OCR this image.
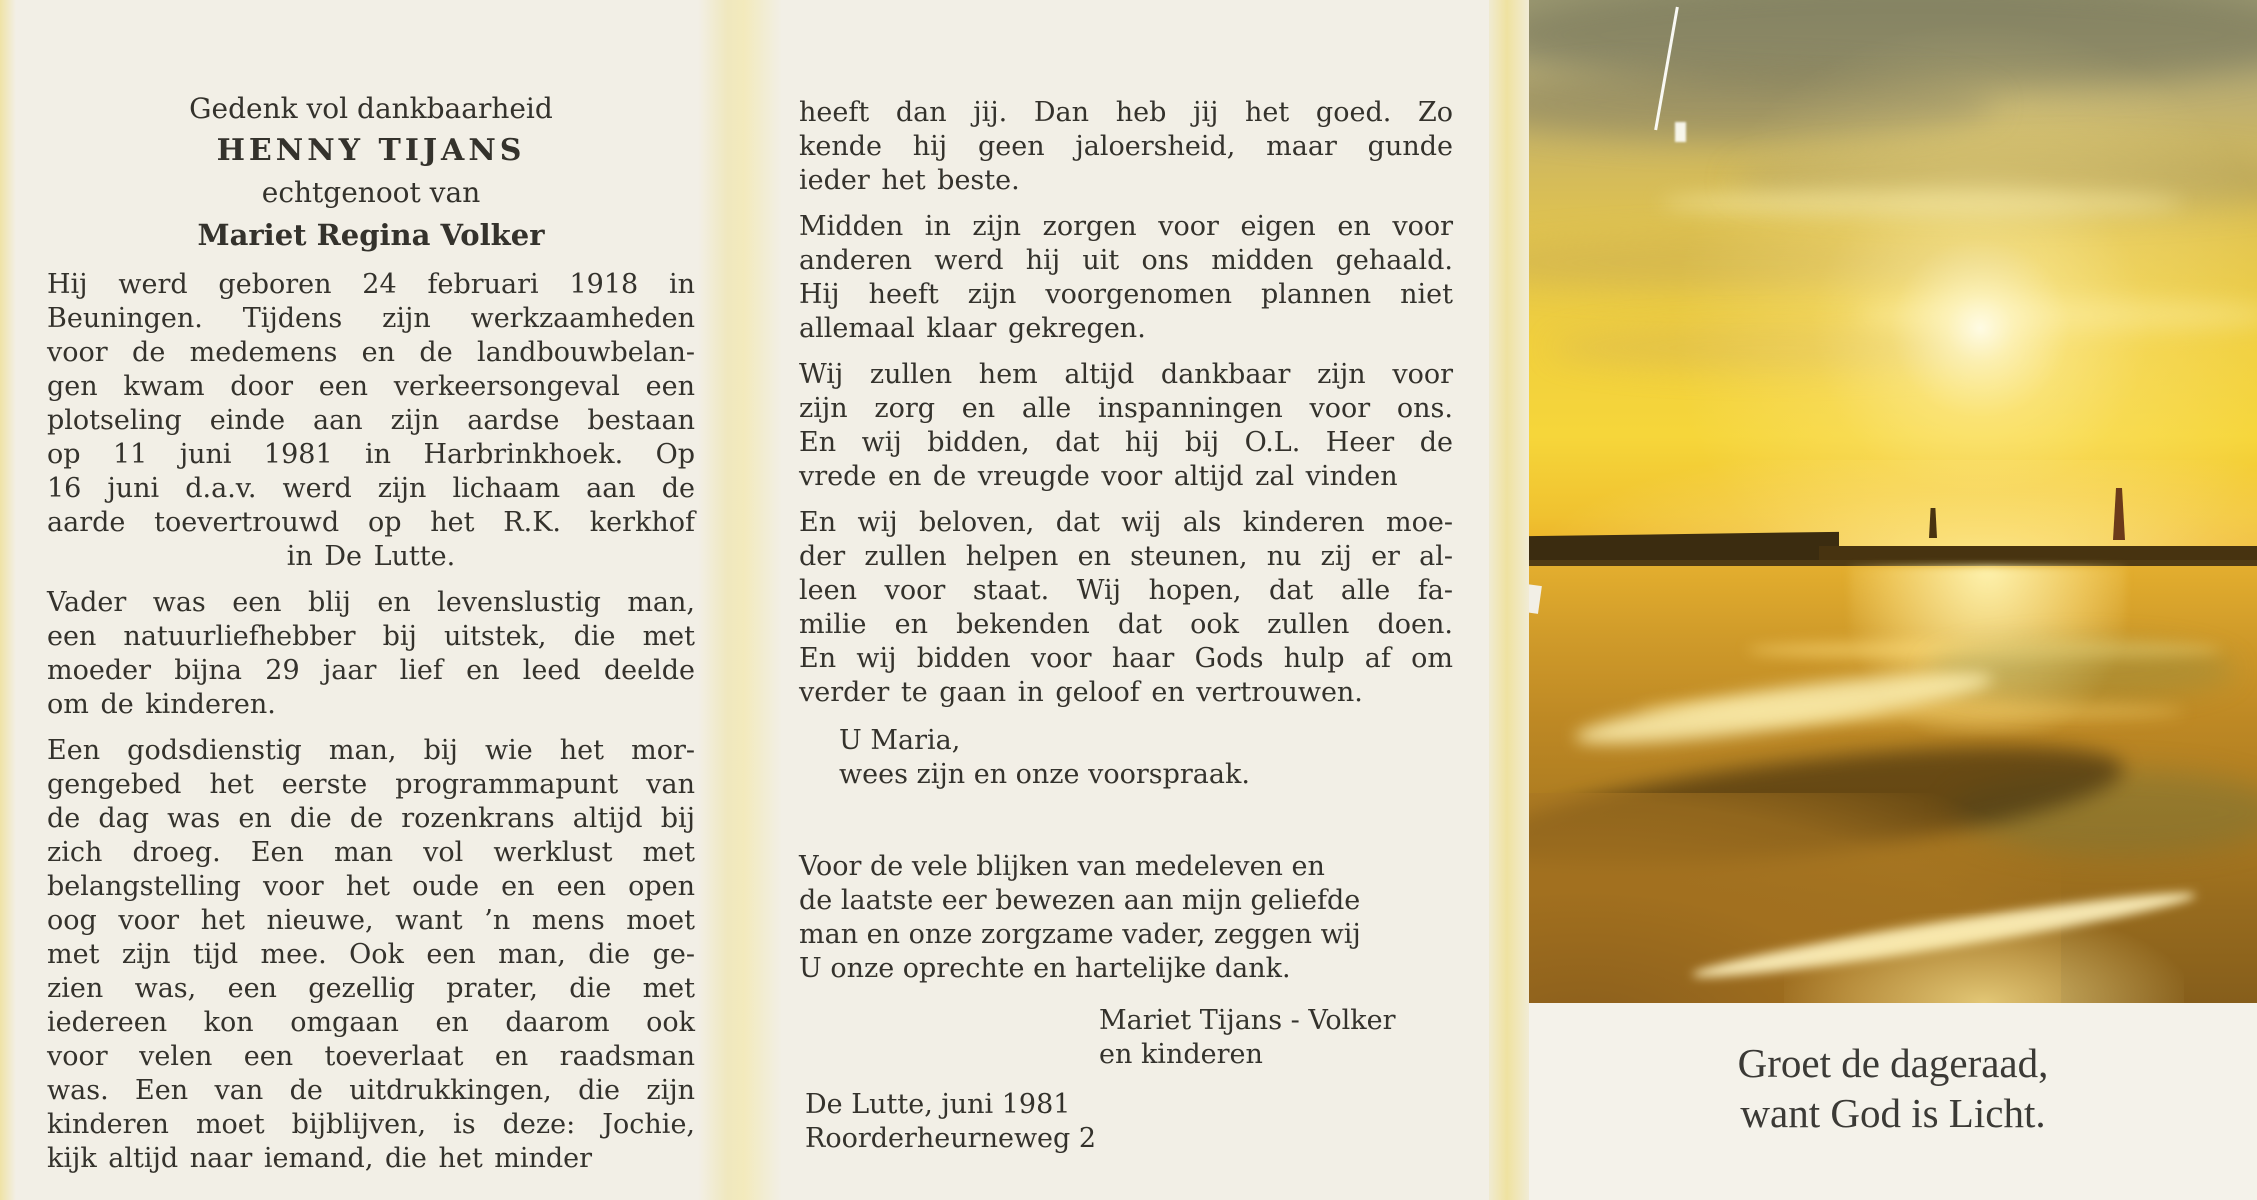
Gedenk vol dankbaarheid
HENNY TIJANS
echtgenoot van
Mariet Regina Volker
Hij werd geboren 24 februari 1918 in
Beuningen. Tijdens zijn werkzaamheden
voor de medemens en de landbouwbelan-
gen kwam door een verkeersongeval een
plotseling einde aan zijn aardse bestaan
op 11 juni 1981 in Harbrinkhoek. Op
16 juni d.a.v. werd zijn lichaam aan de
aarde toevertrouwd op het R.K. kerkhof
in De Lutte.
Vader was een blij en levenslustig man,
een natuurliefhebber bij uitstek, die met
moeder bijna 29 jaar lief en leed deelde
om de kinderen.
Een godsdienstig man, bij wie het mor-
gengebed het eerste programmapunt van
de dag was en die de rozenkrans altijd bij
zich droeg. Een man vol werklust met
belangstelling voor het oude en een open
oog voor het nieuwe, want ’n mens moet
met zijn tijd mee. Ook een man, die ge-
zien was, een gezellig prater, die met
iedereen kon omgaan en daarom ook
voor velen een toeverlaat en raadsman
was. Een van de uitdrukkingen, die zijn
kinderen moet bijblijven, is deze: Jochie,
kijk altijd naar iemand, die het minder
heeft dan jij. Dan heb jij het goed. Zo
kende hij geen jaloersheid, maar gunde
ieder het beste.
Midden in zijn zorgen voor eigen en voor
anderen werd hij uit ons midden gehaald.
Hij heeft zijn voorgenomen plannen niet
allemaal klaar gekregen.
Wij zullen hem altijd dankbaar zijn voor
zijn zorg en alle inspanningen voor ons.
En wij bidden, dat hij bij O.L. Heer de
vrede en de vreugde voor altijd zal vinden
En wij beloven, dat wij als kinderen moe-
der zullen helpen en steunen, nu zij er al-
leen voor staat. Wij hopen, dat alle fa-
milie en bekenden dat ook zullen doen.
En wij bidden voor haar Gods hulp af om
verder te gaan in geloof en vertrouwen.
U Maria,
wees zijn en onze voorspraak.
Voor de vele blijken van medeleven en
de laatste eer bewezen aan mijn geliefde
man en onze zorgzame vader, zeggen wij
U onze oprechte en hartelijke dank.
Mariet Tijans - Volker
en kinderen
De Lutte, juni 1981
Roorderheurneweg 2
Groet de dageraad,
want God is Licht.
